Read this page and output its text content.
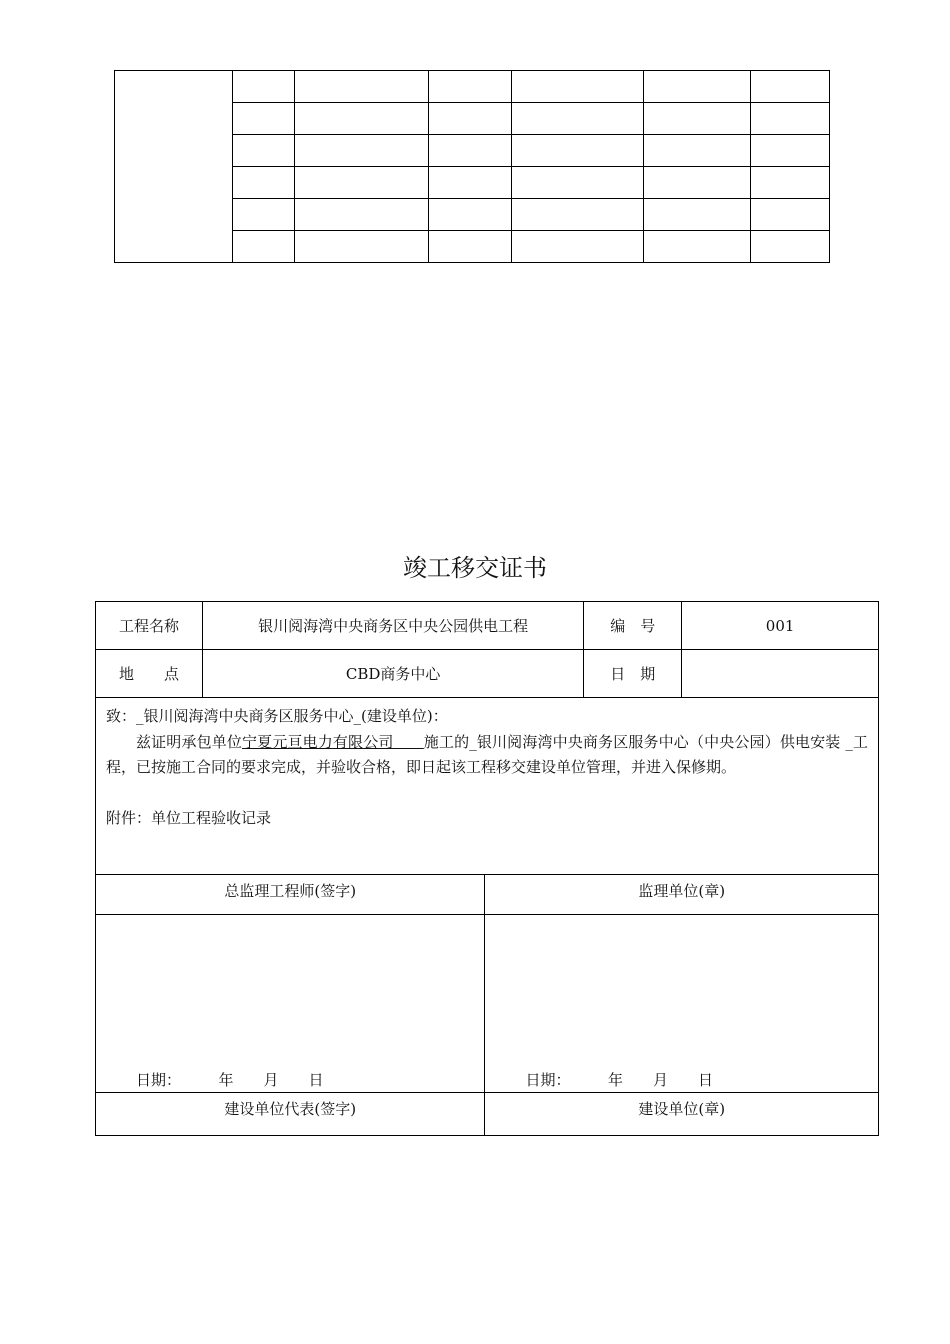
竣工移交证书
工程名称	银川阅海湾中央商务区中央公园供电工程		编　号	001
地　　点	CBD商务中心		日　期	

致：_银川阅海湾中央商务区服务中心_(建设单位)：
兹证明承包单位宁夏元亘电力有限公司　　施工的_银川阅海湾中央商务区服务中心（中央公园）供电安装 _工程，已按施工合同的要求完成，并验收合格，即日起该工程移交建设单位管理，并进入保修期。
附件：单位工程验收记录				

总监理工程师(签字)		监理单位(章)		

日期：　　　年　　月　　日		日期：　　　年　　月　　日		

建设单位代表(签字)		建设单位(章)		
